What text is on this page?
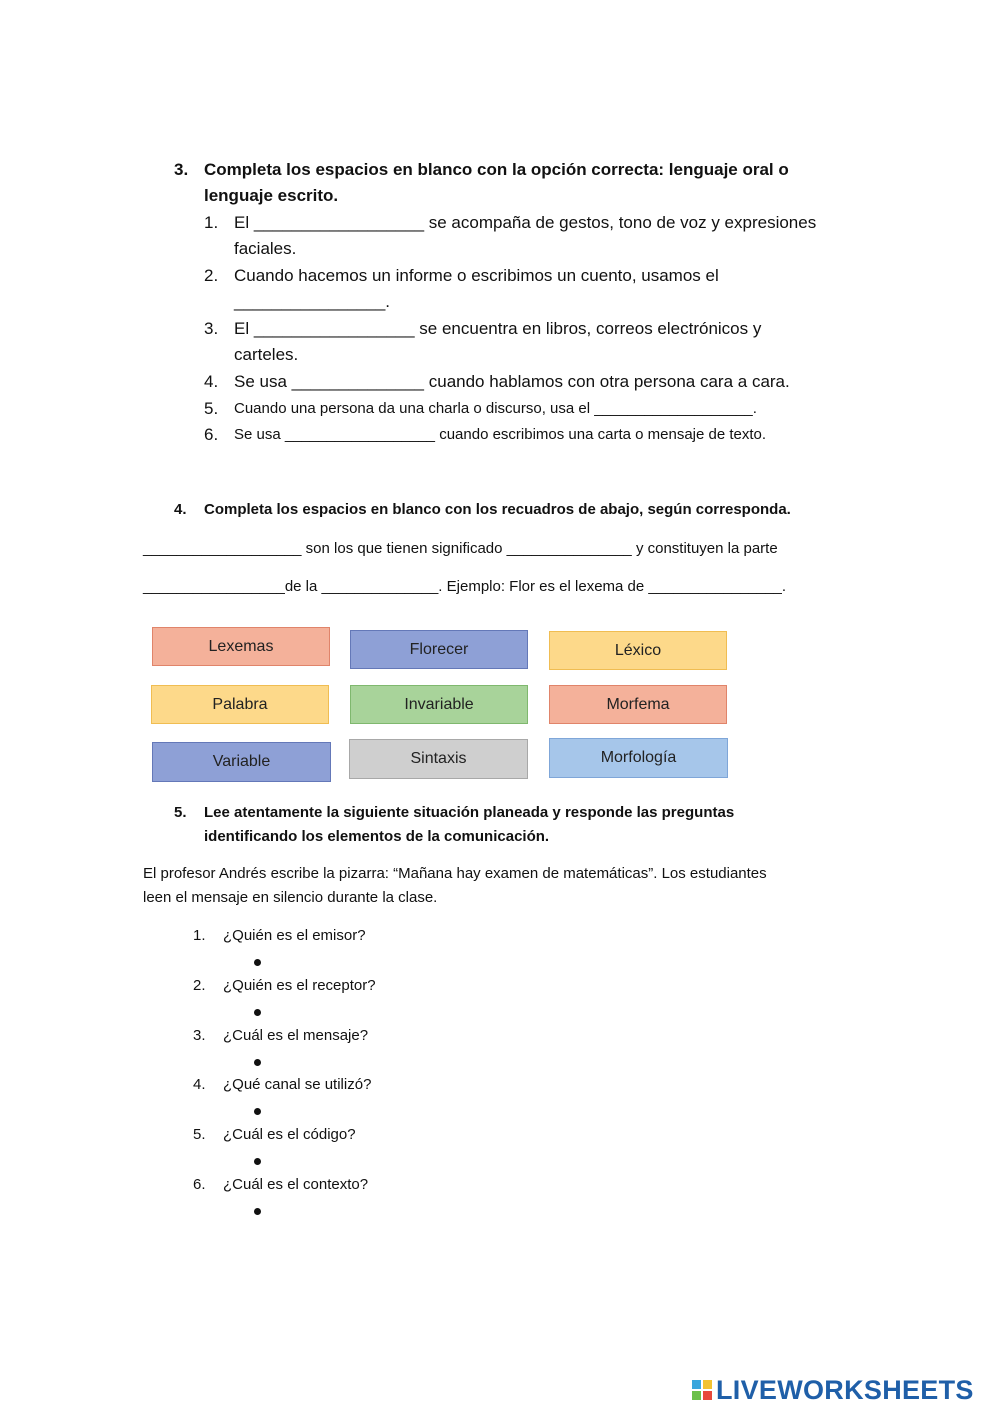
3. Completa los espacios en blanco con la opción correcta: lenguaje oral o
lenguaje escrito.
1. El __________________ se acompaña de gestos, tono de voz y expresiones
faciales.
2. Cuando hacemos un informe o escribimos un cuento, usamos el
________________.
3. El _________________ se encuentra en libros, correos electrónicos y
carteles.
4. Se usa ______________ cuando hablamos con otra persona cara a cara.
5. Cuando una persona da una charla o discurso, usa el ___________________.
6. Se usa __________________ cuando escribimos una carta o mensaje de texto.
4. Completa los espacios en blanco con los recuadros de abajo, según corresponda.
___________________ son los que tienen significado _______________ y constituyen la parte
_________________de la ______________. Ejemplo: Flor es el lexema de ________________.
Lexemas	Florecer	Léxico
Palabra	Invariable	Morfema
Variable	Sintaxis	Morfología
5. Lee atentamente la siguiente situación planeada y responde las preguntas
identificando los elementos de la comunicación.
El profesor Andrés escribe la pizarra: “Mañana hay examen de matemáticas”. Los estudiantes
leen el mensaje en silencio durante la clase.
1. ¿Quién es el emisor?
2. ¿Quién es el receptor?
3. ¿Cuál es el mensaje?
4. ¿Qué canal se utilizó?
5. ¿Cuál es el código?
6. ¿Cuál es el contexto?
LIVEWORKSHEETS
